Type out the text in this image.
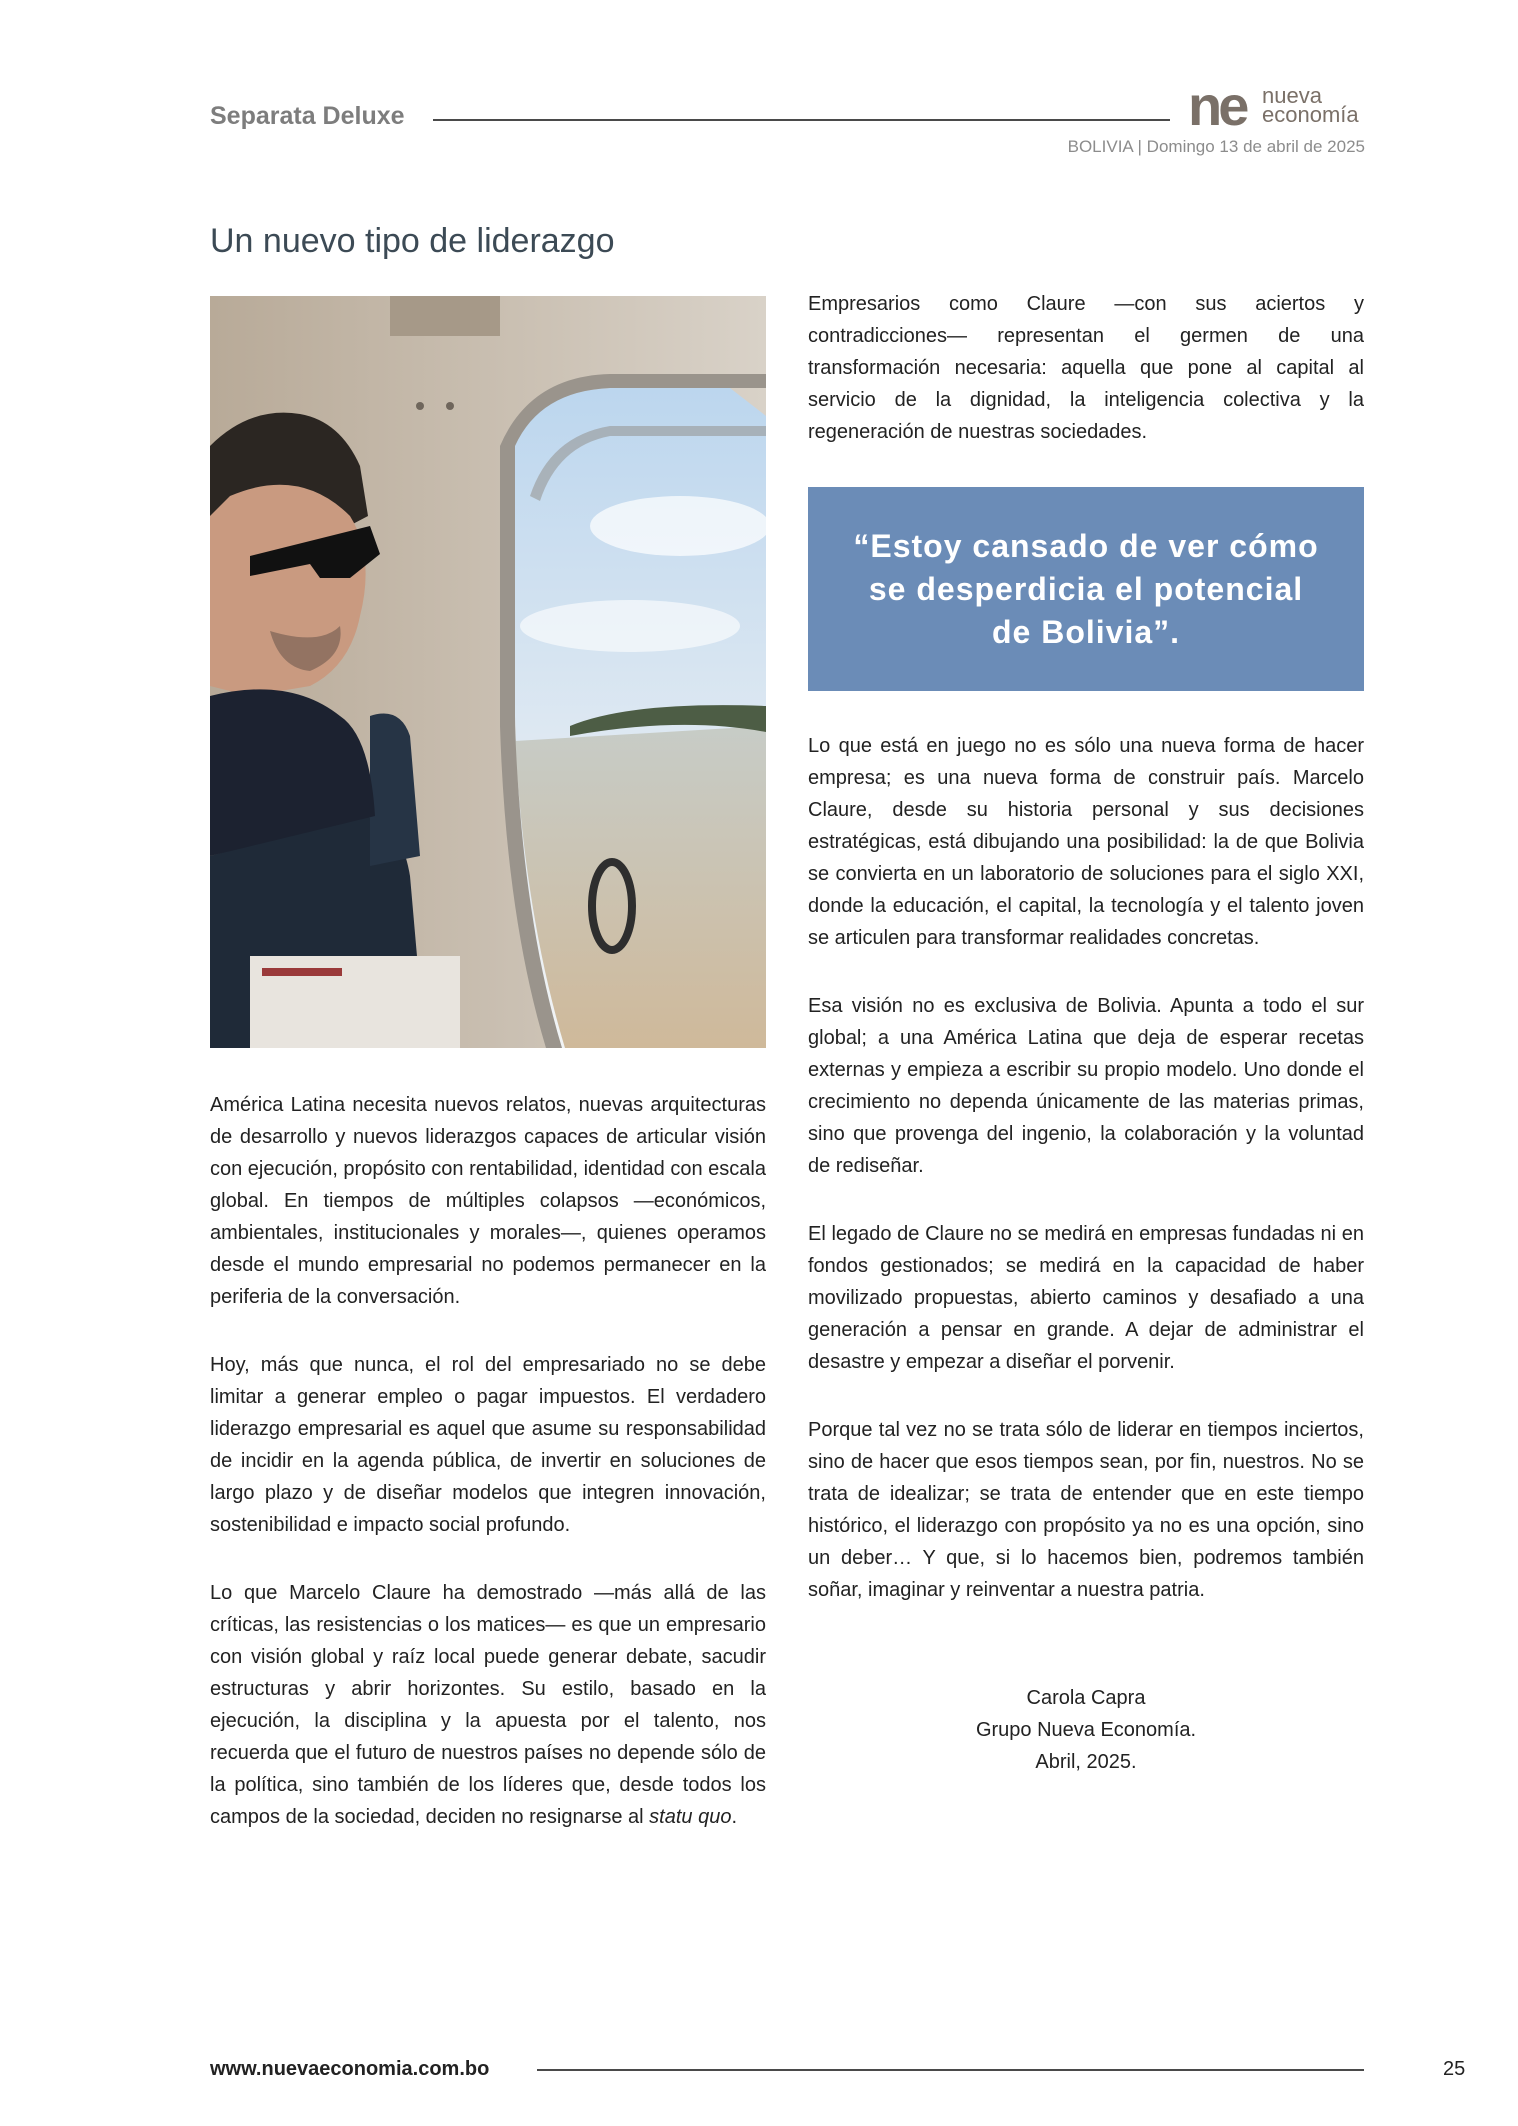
Separata Deluxe	ne nueva
economía
BOLIVIA | Domingo 13 de abril de 2025
Un nuevo tipo de liderazgo

América Latina necesita nuevos relatos, nuevas arquitecturas de desarrollo y nuevos liderazgos capaces de articular visión con ejecución, propósito con rentabilidad, identidad con escala global. En tiempos de múltiples colapsos —económicos, ambientales, institucionales y morales—, quienes operamos desde el mundo empresarial no podemos permanecer en la periferia de la conversación.

Hoy, más que nunca, el rol del empresariado no se debe limitar a generar empleo o pagar impuestos. El verdadero liderazgo empresarial es aquel que asume su responsabilidad de incidir en la agenda pública, de invertir en soluciones de largo plazo y de diseñar modelos que integren innovación, sostenibilidad e impacto social profundo.

Lo que Marcelo Claure ha demostrado —más allá de las críticas, las resistencias o los matices— es que un empresario con visión global y raíz local puede generar debate, sacudir estructuras y abrir horizontes. Su estilo, basado en la ejecución, la disciplina y la apuesta por el talento, nos recuerda que el futuro de nuestros países no depende sólo de la política, sino también de los líderes que, desde todos los campos de la sociedad, deciden no resignarse al statu quo.

Empresarios como Claure —con sus aciertos y contradicciones— representan el germen de una transformación necesaria: aquella que pone al capital al servicio de la dignidad, la inteligencia colectiva y la regeneración de nuestras sociedades.

“Estoy cansado de ver cómo se desperdicia el potencial de Bolivia”.

Lo que está en juego no es sólo una nueva forma de hacer empresa; es una nueva forma de construir país. Marcelo Claure, desde su historia personal y sus decisiones estratégicas, está dibujando una posibilidad: la de que Bolivia se convierta en un laboratorio de soluciones para el siglo XXI, donde la educación, el capital, la tecnología y el talento joven se articulen para transformar realidades concretas.

Esa visión no es exclusiva de Bolivia. Apunta a todo el sur global; a una América Latina que deja de esperar recetas externas y empieza a escribir su propio modelo. Uno donde el crecimiento no dependa únicamente de las materias primas, sino que provenga del ingenio, la colaboración y la voluntad de rediseñar.

El legado de Claure no se medirá en empresas fundadas ni en fondos gestionados; se medirá en la capacidad de haber movilizado propuestas, abierto caminos y desafiado a una generación a pensar en grande. A dejar de administrar el desastre y empezar a diseñar el porvenir.

Porque tal vez no se trata sólo de liderar en tiempos inciertos, sino de hacer que esos tiempos sean, por fin, nuestros. No se trata de idealizar; se trata de entender que en este tiempo histórico, el liderazgo con propósito ya no es una opción, sino un deber… Y que, si lo hacemos bien, podremos también soñar, imaginar y reinventar a nuestra patria.

Carola Capra
Grupo Nueva Economía.
Abril, 2025.
www.nuevaeconomia.com.bo	25
